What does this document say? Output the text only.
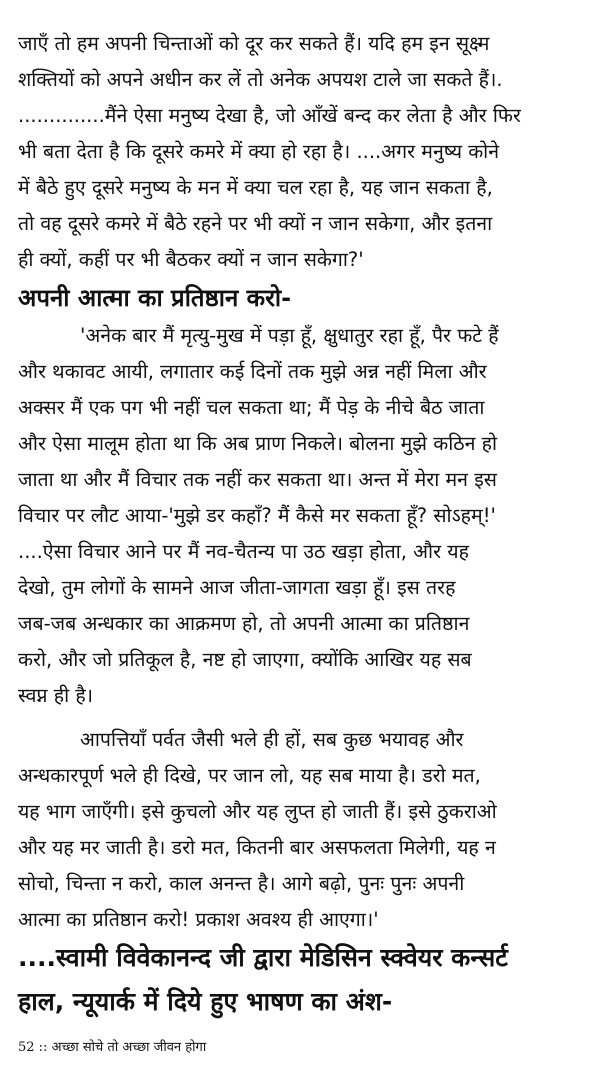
जाएँ तो हम अपनी चिन्ताओं को दूर कर सकते हैं। यदि हम इन सूक्ष्म
शक्तियों को अपने अधीन कर लें तो अनेक अपयश टाले जा सकते हैं।.
..............मैंने ऐसा मनुष्य देखा है, जो आँखें बन्द कर लेता है और फिर
भी बता देता है कि दूसरे कमरे में क्या हो रहा है। ....अगर मनुष्य कोने
में बैठे हुए दूसरे मनुष्य के मन में क्या चल रहा है, यह जान सकता है,
तो वह दूसरे कमरे में बैठे रहने पर भी क्यों न जान सकेगा, और इतना
ही क्यों, कहीं पर भी बैठकर क्यों न जान सकेगा?'
अपनी आत्मा का प्रतिष्ठान करो-
'अनेक बार मैं मृत्यु-मुख में पड़ा हूँ, क्षुधातुर रहा हूँ, पैर फटे हैं
और थकावट आयी, लगातार कई दिनों तक मुझे अन्न नहीं मिला और
अक्सर मैं एक पग भी नहीं चल सकता था; मैं पेड़ के नीचे बैठ जाता
और ऐसा मालूम होता था कि अब प्राण निकले। बोलना मुझे कठिन हो
जाता था और मैं विचार तक नहीं कर सकता था। अन्त में मेरा मन इस
विचार पर लौट आया-'मुझे डर कहाँ? मैं कैसे मर सकता हूँ? सोऽहम्!'
....ऐसा विचार आने पर मैं नव-चैतन्य पा उठ खड़ा होता, और यह
देखो, तुम लोगों के सामने आज जीता-जागता खड़ा हूँ। इस तरह
जब-जब अन्धकार का आक्रमण हो, तो अपनी आत्मा का प्रतिष्ठान
करो, और जो प्रतिकूल है, नष्ट हो जाएगा, क्योंकि आखिर यह सब
स्वप्न ही है।
आपत्तियाँ पर्वत जैसी भले ही हों, सब कुछ भयावह और
अन्धकारपूर्ण भले ही दिखे, पर जान लो, यह सब माया है। डरो मत,
यह भाग जाएँगी। इसे कुचलो और यह लुप्त हो जाती हैं। इसे ठुकराओ
और यह मर जाती है। डरो मत, कितनी बार असफलता मिलेगी, यह न
सोचो, चिन्ता न करो, काल अनन्त है। आगे बढ़ो, पुनः पुनः अपनी
आत्मा का प्रतिष्ठान करो! प्रकाश अवश्य ही आएगा।'
....स्वामी विवेकानन्द जी द्वारा मेडिसिन स्क्वेयर कन्सर्ट
हाल, न्यूयार्क में दिये हुए भाषण का अंश-
52 :: अच्छा सोचे तो अच्छा जीवन होगा
